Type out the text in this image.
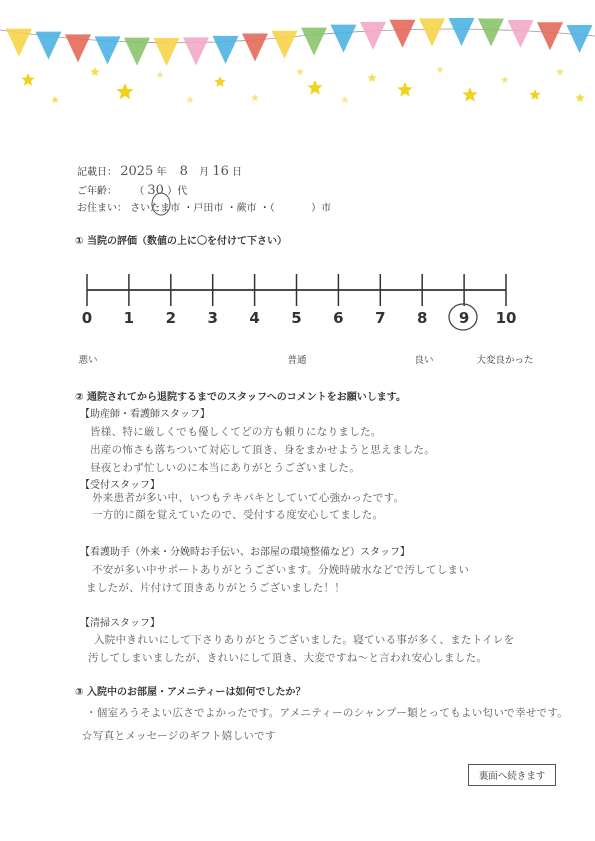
記載日： 2025 年 8 月 16 日
ご年齢： （ 30 ）代
お住まい： さいたま市 ・戸田市 ・蕨市 ・（	）市
① 当院の評価（数値の上に〇を付けて下さい）
0 1 2 3 4 5 6 7 8 9 10
悪い	普通	良い	大変良かった
② 通院されてから退院するまでのスタッフへのコメントをお願いします。
【助産師・看護師スタッフ】
皆様、特に厳しくでも優しくてどの方も頼りになりました。
出産の怖さも落ちついて対応して頂き、身をまかせようと思えました。
昼夜とわず忙しいのに本当にありがとうございました。
【受付スタッフ】
外来患者が多い中、いつもテキパキとしていて心強かったです。
一方的に顔を覚えていたので、受付する度安心してました。
【看護助手（外来・分娩時お手伝い、お部屋の環境整備など）スタッフ】
不安が多い中サポートありがとうございます。分娩時破水などで汚してしまい
ましたが、片付けて頂きありがとうございました！！
【清掃スタッフ】
入院中きれいにして下さりありがとうございました。寝ている事が多く、またトイレを
汚してしまいましたが、きれいにして頂き、大変ですね〜と言われ安心しました。
③ 入院中のお部屋・アメニティーは如何でしたか？
・個室ろうそよい広さでよかったです。アメニティーのシャンプー類とってもよい匂いで幸せです。
☆写真とメッセージのギフト嬉しいです
裏面へ続きます
